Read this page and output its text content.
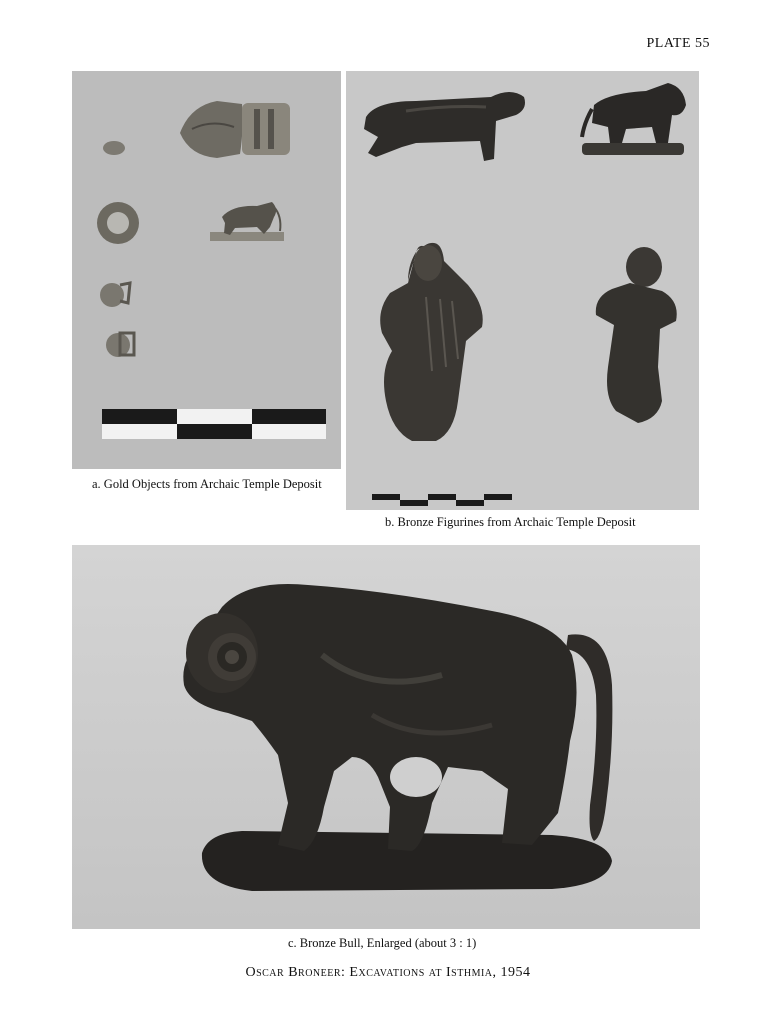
PLATE 55
a. Gold Objects from Archaic Temple Deposit
b. Bronze Figurines from Archaic Temple Deposit
c. Bronze Bull, Enlarged (about 3 : 1)
Oscar Broneer: Excavations at Isthmia, 1954
